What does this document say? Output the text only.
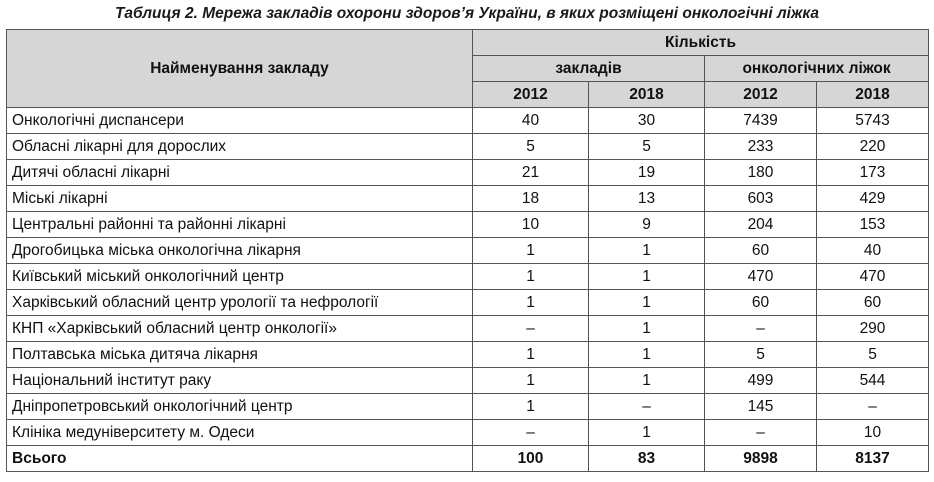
Таблиця 2. Мережа закладів охорони здоров’я України, в яких розміщені онкологічні ліжка
Найменування закладу	Кількість			
	закладів		онкологічних ліжок	
	2012	2018	2012	2018
Онкологічні диспансери	40	30	7439	5743
Обласні лікарні для дорослих	5	5	233	220
Дитячі обласні лікарні	21	19	180	173
Міські лікарні	18	13	603	429
Центральні районні та районні лікарні	10	9	204	153
Дрогобицька міська онкологічна лікарня	1	1	60	40
Київський міський онкологічний центр	1	1	470	470
Харківський обласний центр урології та нефрології	1	1	60	60
КНП «Харківський обласний центр онкології»	–	1	–	290
Полтавська міська дитяча лікарня	1	1	5	5
Національний інститут раку	1	1	499	544
Дніпропетровський онкологічний центр	1	–	145	–
Клініка медуніверситету м. Одеси	–	1	–	10
Всього	100	83	9898	8137
